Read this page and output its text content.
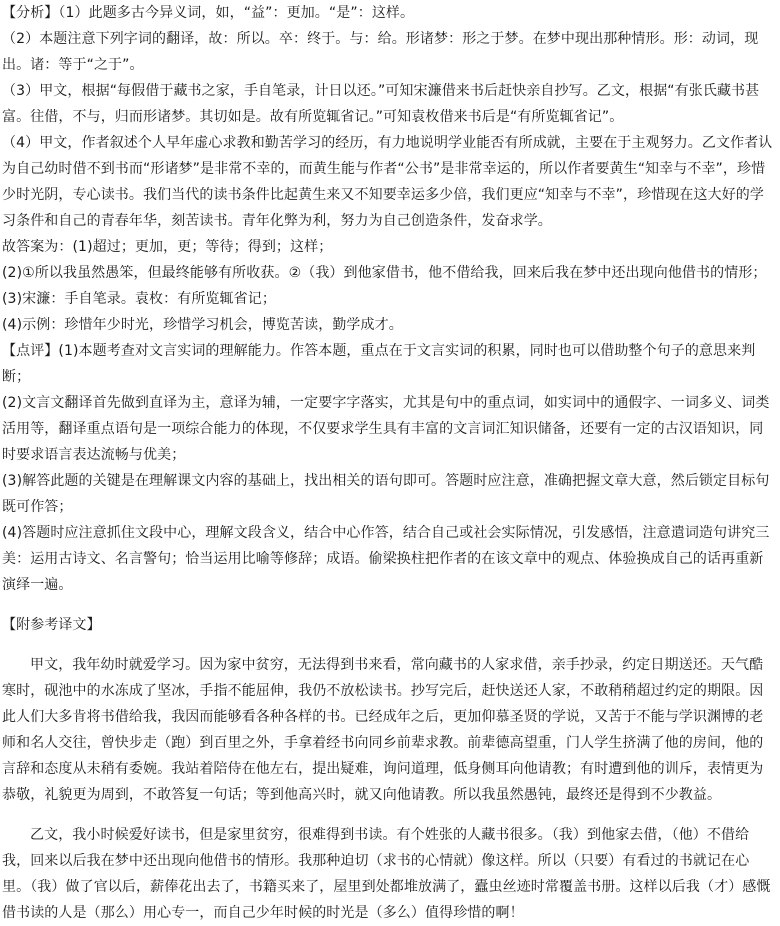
【分析】（1）此题多古今异义词，如，“益”：更加。“是”：这样。

（2）本题注意下列字词的翻译，故：所以。卒：终于。与：给。形诸梦：形之于梦。在梦中现出那种情形。形：动词，现出。诸：等于“之于”。

（3）甲文，根据“每假借于藏书之家，手自笔录，计日以还。”可知宋濂借来书后赶快亲自抄写。乙文，根据“有张氏藏书甚富。往借，不与，归而形诸梦。其切如是。故有所览辄省记。”可知袁枚借来书后是“有所览辄省记”。

（4）甲文，作者叙述个人早年虚心求教和勤苦学习的经历，有力地说明学业能否有所成就，主要在于主观努力。乙文作者认为自己幼时借不到书而“形诸梦”是非常不幸的，而黄生能与作者“公书”是非常幸运的，所以作者要黄生“知幸与不幸”，珍惜少时光阴，专心读书。我们当代的读书条件比起黄生来又不知要幸运多少倍，我们更应“知幸与不幸”，珍惜现在这大好的学习条件和自己的青春年华，刻苦读书。青年化弊为利，努力为自己创造条件，发奋求学。

故答案为：(1)超过；更加，更；等待；得到；这样；

(2)①所以我虽然愚笨，但最终能够有所收获。②（我）到他家借书，他不借给我，回来后我在梦中还出现向他借书的情形；

(3)宋濂：手自笔录。袁枚：有所览辄省记；

(4)示例：珍惜年少时光，珍惜学习机会，博览苦读，勤学成才。

【点评】(1)本题考查对文言实词的理解能力。作答本题，重点在于文言实词的积累，同时也可以借助整个句子的意思来判断；

(2)文言文翻译首先做到直译为主，意译为辅，一定要字字落实，尤其是句中的重点词，如实词中的通假字、一词多义、词类活用等，翻译重点语句是一项综合能力的体现，不仅要求学生具有丰富的文言词汇知识储备，还要有一定的古汉语知识，同时要求语言表达流畅与优美；

(3)解答此题的关键是在理解课文内容的基础上，找出相关的语句即可。答题时应注意，准确把握文章大意，然后锁定目标句既可作答；

(4)答题时应注意抓住文段中心，理解文段含义，结合中心作答，结合自己或社会实际情况，引发感悟，注意遣词造句讲究三美：运用古诗文、名言警句；恰当运用比喻等修辞；成语。偷梁换柱把作者的在该文章中的观点、体验换成自己的话再重新演绎一遍。

【附参考译文】

甲文，我年幼时就爱学习。因为家中贫穷，无法得到书来看，常向藏书的人家求借，亲手抄录，约定日期送还。天气酷寒时，砚池中的水冻成了坚冰，手指不能屈伸，我仍不放松读书。抄写完后，赶快送还人家，不敢稍稍超过约定的期限。因此人们大多肯将书借给我，我因而能够看各种各样的书。已经成年之后，更加仰慕圣贤的学说，又苦于不能与学识渊博的老师和名人交往，曾快步走（跑）到百里之外，手拿着经书向同乡前辈求教。前辈德高望重，门人学生挤满了他的房间，他的言辞和态度从未稍有委婉。我站着陪侍在他左右，提出疑难，询问道理，低身侧耳向他请教；有时遭到他的训斥，表情更为恭敬，礼貌更为周到，不敢答复一句话；等到他高兴时，就又向他请教。所以我虽然愚钝，最终还是得到不少教益。

乙文，我小时候爱好读书，但是家里贫穷，很难得到书读。有个姓张的人藏书很多。（我）到他家去借，（他）不借给我，回来以后我在梦中还出现向他借书的情形。我那种迫切（求书的心情就）像这样。所以（只要）有看过的书就记在心里。（我）做了官以后，薪俸花出去了，书籍买来了，屋里到处都堆放满了，蠹虫丝迹时常覆盖书册。这样以后我（才）感慨借书读的人是（那么）用心专一，而自己少年时候的时光是（多么）值得珍惜的啊！
